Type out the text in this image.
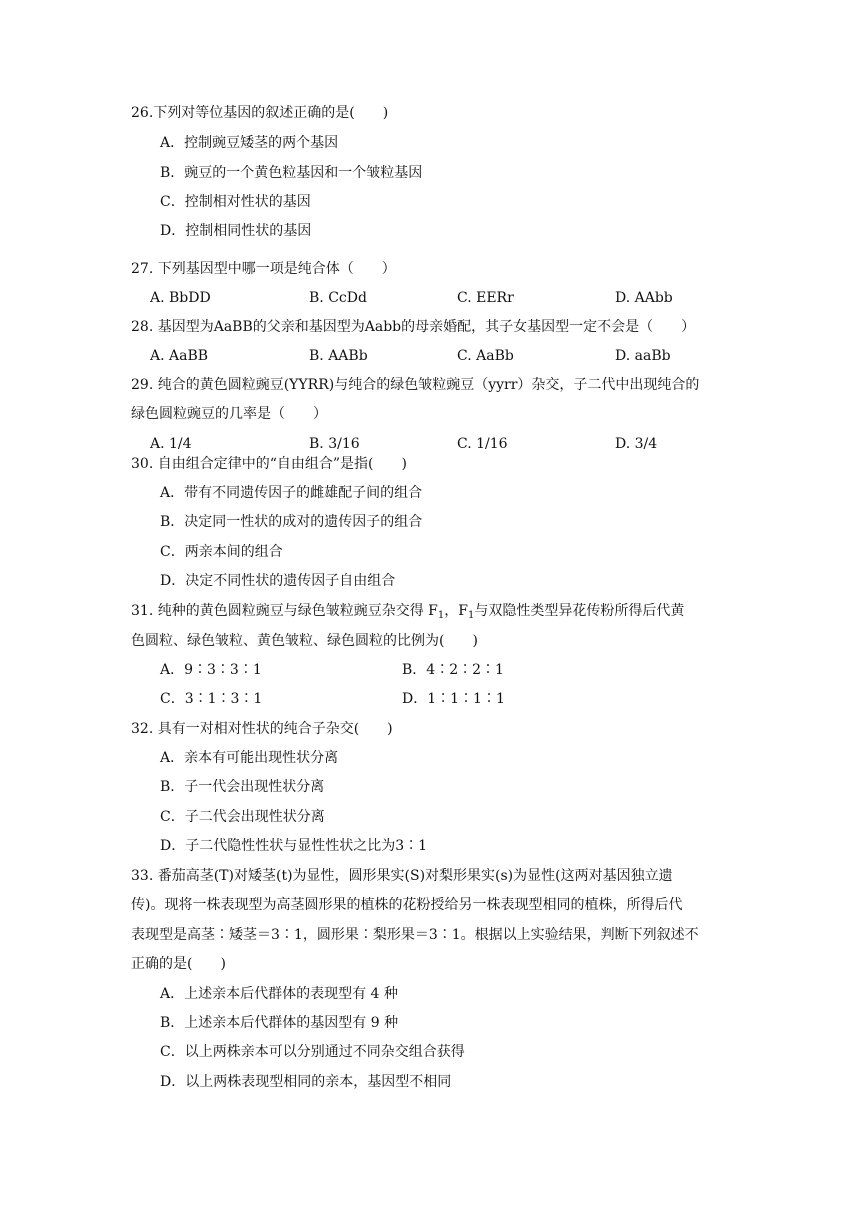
26.下列对等位基因的叙述正确的是(　　)
A．控制豌豆矮茎的两个基因
B．豌豆的一个黄色粒基因和一个皱粒基因
C．控制相对性状的基因
D．控制相同性状的基因
27. 下列基因型中哪一项是纯合体（　　）
A. BbDD	B. CcDd	C. EERr	D. AAbb
28. 基因型为AaBB的父亲和基因型为Aabb的母亲婚配，其子女基因型一定不会是（　　）
A. AaBB	B. AABb	C. AaBb	D. aaBb
29. 纯合的黄色圆粒豌豆(YYRR)与纯合的绿色皱粒豌豆（yyrr）杂交，子二代中出现纯合的
绿色圆粒豌豆的几率是（　　）
A. 1/4	B. 3/16	C. 1/16	D. 3/4
30. 自由组合定律中的“自由组合”是指(　　)
A．带有不同遗传因子的雌雄配子间的组合
B．决定同一性状的成对的遗传因子的组合
C．两亲本间的组合
D．决定不同性状的遗传因子自由组合
31. 纯种的黄色圆粒豌豆与绿色皱粒豌豆杂交得 $F_1$，$F_1$与双隐性类型异花传粉所得后代黄
色圆粒、绿色皱粒、黄色皱粒、绿色圆粒的比例为(　　)
A．9∶3∶3∶1	B．4∶2∶2∶1
C．3∶1∶3∶1	D．1∶1∶1∶1
32. 具有一对相对性状的纯合子杂交(　　)
A．亲本有可能出现性状分离
B．子一代会出现性状分离
C．子二代会出现性状分离
D．子二代隐性性状与显性性状之比为3∶1
33. 番茄高茎(T)对矮茎(t)为显性，圆形果实(S)对梨形果实(s)为显性(这两对基因独立遗
传)。现将一株表现型为高茎圆形果的植株的花粉授给另一株表现型相同的植株，所得后代
表现型是高茎∶矮茎＝3∶1，圆形果∶梨形果＝3∶1。根据以上实验结果，判断下列叙述不
正确的是(　　)
A．上述亲本后代群体的表现型有 4 种
B．上述亲本后代群体的基因型有 9 种
C．以上两株亲本可以分别通过不同杂交组合获得
D．以上两株表现型相同的亲本，基因型不相同
